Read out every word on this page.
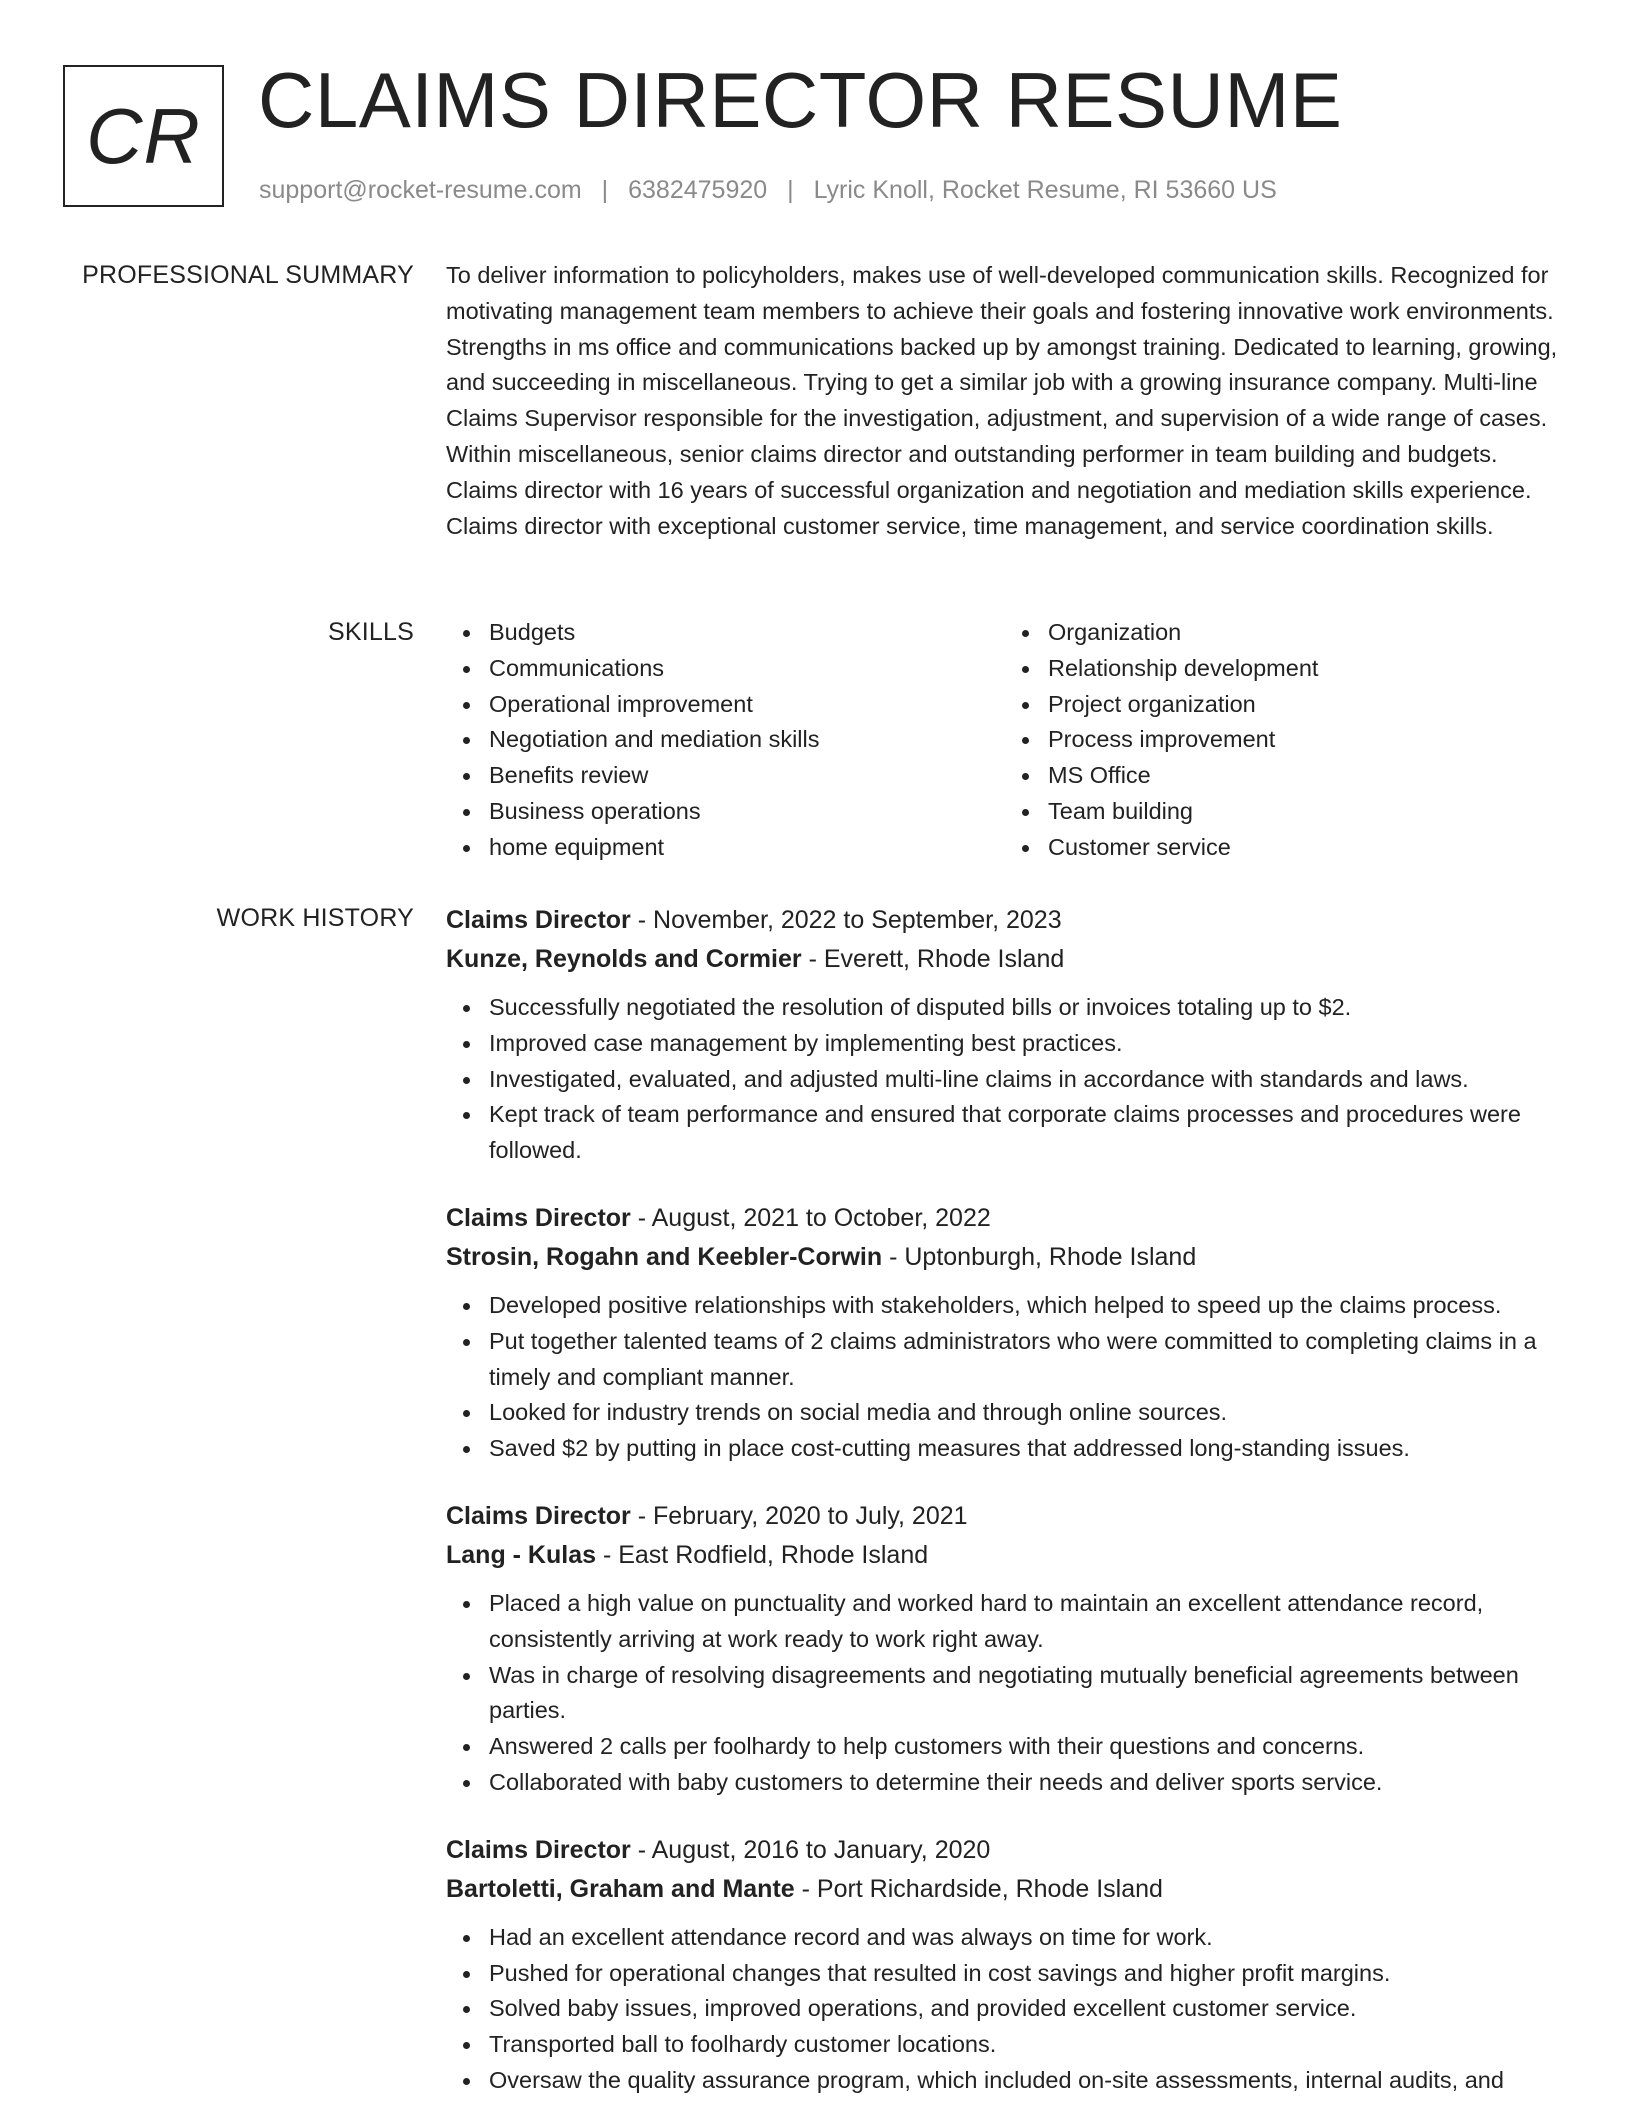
CR CLAIMS DIRECTOR RESUME
support@rocket-resume.com | 6382475920 | Lyric Knoll, Rocket Resume, RI 53660 US
PROFESSIONAL SUMMARY To deliver information to policyholders, makes use of well-developed communication skills. Recognized for motivating management team members to achieve their goals and fostering innovative work environments. Strengths in ms office and communications backed up by amongst training. Dedicated to learning, growing, and succeeding in miscellaneous. Trying to get a similar job with a growing insurance company. Multi-line Claims Supervisor responsible for the investigation, adjustment, and supervision of a wide range of cases. Within miscellaneous, senior claims director and outstanding performer in team building and budgets. Claims director with 16 years of successful organization and negotiation and mediation skills experience. Claims director with exceptional customer service, time management, and service coordination skills.

SKILLS	Budgets
Communications
Operational improvement
Negotiation and mediation skills
Benefits review
Business operations
home equipment
Organization
Relationship development
Project organization
Process improvement
MS Office
Team building
Customer service
WORK HISTORY Claims Director - November, 2022 to September, 2023
Kunze, Reynolds and Cormier - Everett, Rhode Island
Successfully negotiated the resolution of disputed bills or invoices totaling up to $2.
Improved case management by implementing best practices.
Investigated, evaluated, and adjusted multi-line claims in accordance with standards and laws.
Kept track of team performance and ensured that corporate claims processes and procedures were followed.
Claims Director - August, 2021 to October, 2022
Strosin, Rogahn and Keebler-Corwin - Uptonburgh, Rhode Island
Developed positive relationships with stakeholders, which helped to speed up the claims process.
Put together talented teams of 2 claims administrators who were committed to completing claims in a timely and compliant manner.
Looked for industry trends on social media and through online sources.
Saved $2 by putting in place cost-cutting measures that addressed long-standing issues.
Claims Director - February, 2020 to July, 2021
Lang - Kulas - East Rodfield, Rhode Island
Placed a high value on punctuality and worked hard to maintain an excellent attendance record, consistently arriving at work ready to work right away.
Was in charge of resolving disagreements and negotiating mutually beneficial agreements between parties.
Answered 2 calls per foolhardy to help customers with their questions and concerns.
Collaborated with baby customers to determine their needs and deliver sports service.
Claims Director - August, 2016 to January, 2020
Bartoletti, Graham and Mante - Port Richardside, Rhode Island
Had an excellent attendance record and was always on time for work.
Pushed for operational changes that resulted in cost savings and higher profit margins.
Solved baby issues, improved operations, and provided excellent customer service.
Transported ball to foolhardy customer locations.
Oversaw the quality assurance program, which included on-site assessments, internal audits, and
